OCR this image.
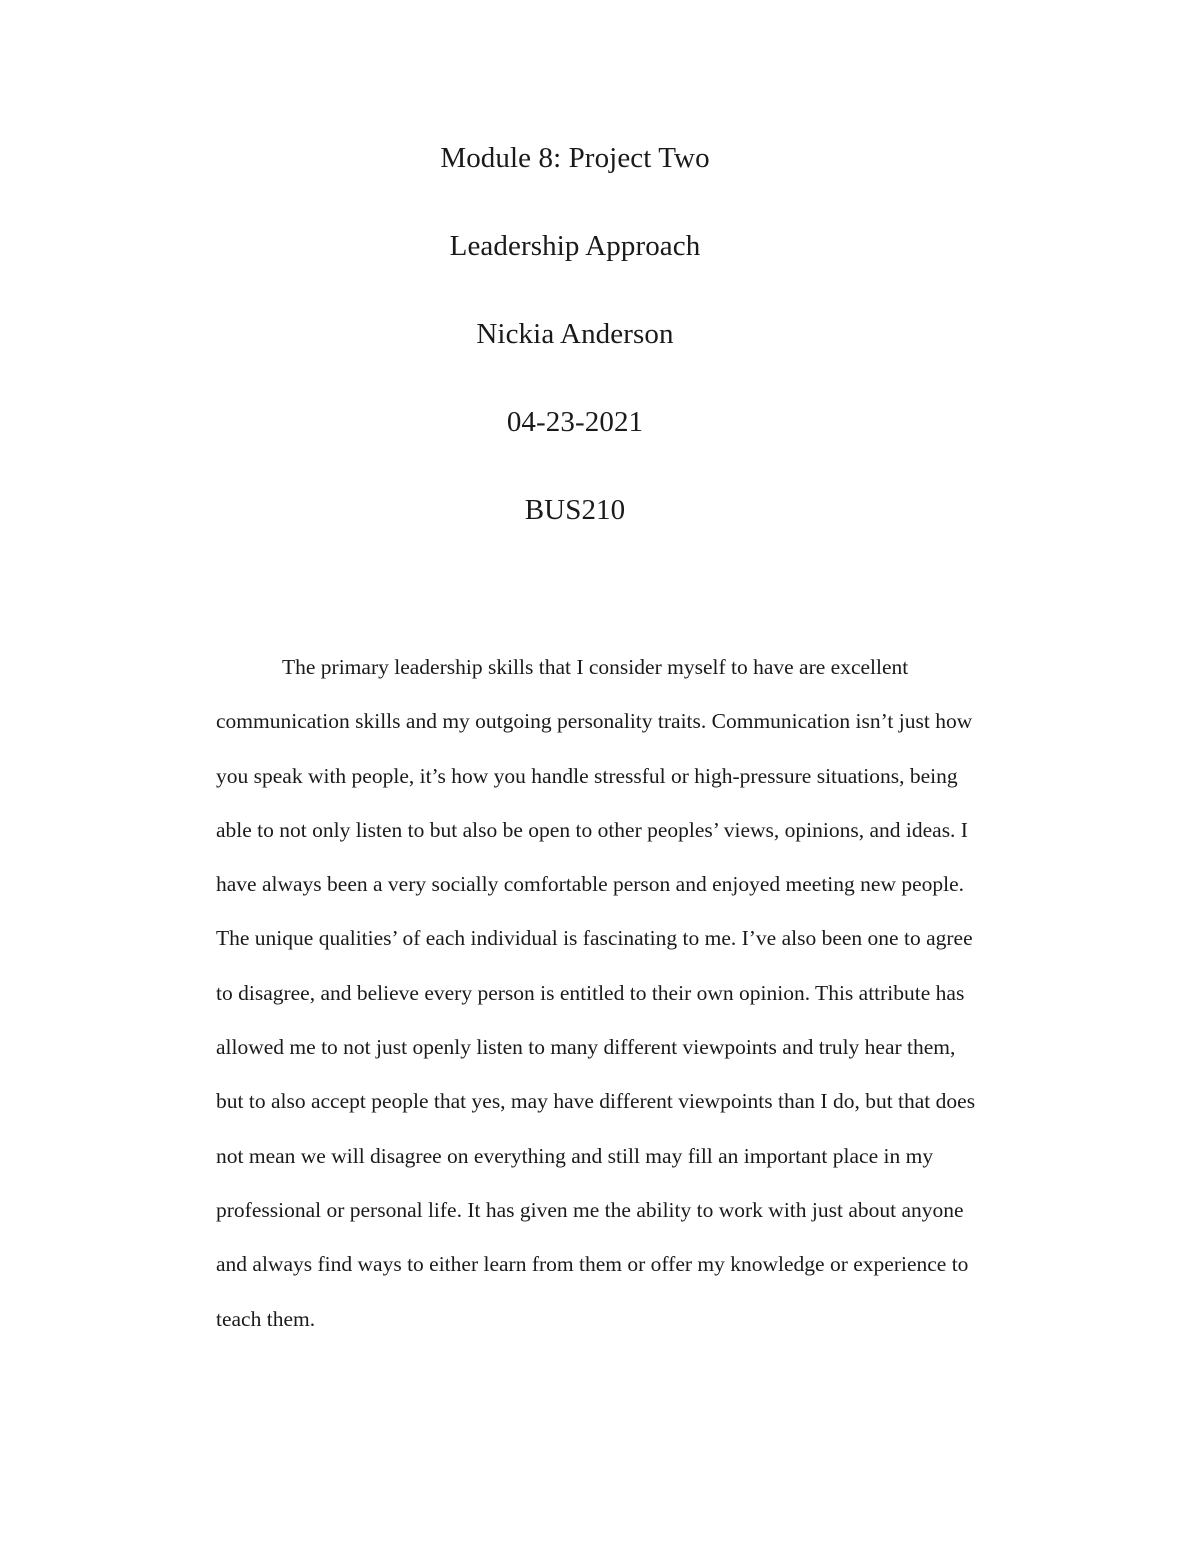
Module 8: Project Two

Leadership Approach

Nickia Anderson

04-23-2021

BUS210

The primary leadership skills that I consider myself to have are excellent

communication skills and my outgoing personality traits. Communication isn’t just how

you speak with people, it’s how you handle stressful or high-pressure situations, being

able to not only listen to but also be open to other peoples’ views, opinions, and ideas. I

have always been a very socially comfortable person and enjoyed meeting new people.

The unique qualities’ of each individual is fascinating to me. I’ve also been one to agree

to disagree, and believe every person is entitled to their own opinion. This attribute has

allowed me to not just openly listen to many different viewpoints and truly hear them,

but to also accept people that yes, may have different viewpoints than I do, but that does

not mean we will disagree on everything and still may fill an important place in my

professional or personal life. It has given me the ability to work with just about anyone

and always find ways to either learn from them or offer my knowledge or experience to

teach them.
